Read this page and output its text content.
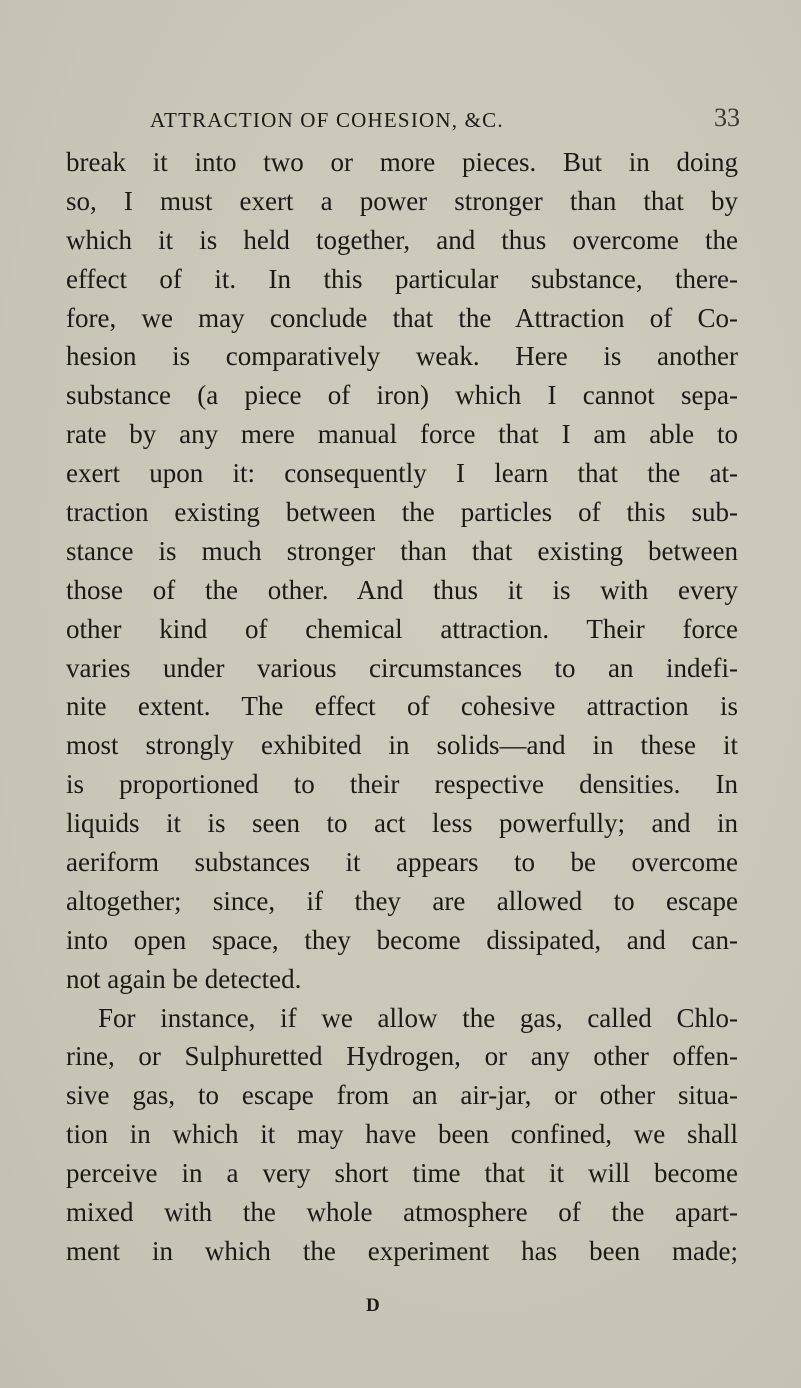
ATTRACTION OF COHESION, &C.	33
break it into two or more pieces. But in doing
so, I must exert a power stronger than that by
which it is held together, and thus overcome the
effect of it. In this particular substance, there-
fore, we may conclude that the Attraction of Co-
hesion is comparatively weak. Here is another
substance (a piece of iron) which I cannot sepa-
rate by any mere manual force that I am able to
exert upon it: consequently I learn that the at-
traction existing between the particles of this sub-
stance is much stronger than that existing between
those of the other. And thus it is with every
other kind of chemical attraction. Their force
varies under various circumstances to an indefi-
nite extent. The effect of cohesive attraction is
most strongly exhibited in solids—and in these it
is proportioned to their respective densities. In
liquids it is seen to act less powerfully; and in
aeriform substances it appears to be overcome
altogether; since, if they are allowed to escape
into open space, they become dissipated, and can-
not again be detected.
For instance, if we allow the gas, called Chlo-
rine, or Sulphuretted Hydrogen, or any other offen-
sive gas, to escape from an air-jar, or other situa-
tion in which it may have been confined, we shall
perceive in a very short time that it will become
mixed with the whole atmosphere of the apart-
ment in which the experiment has been made;
D
